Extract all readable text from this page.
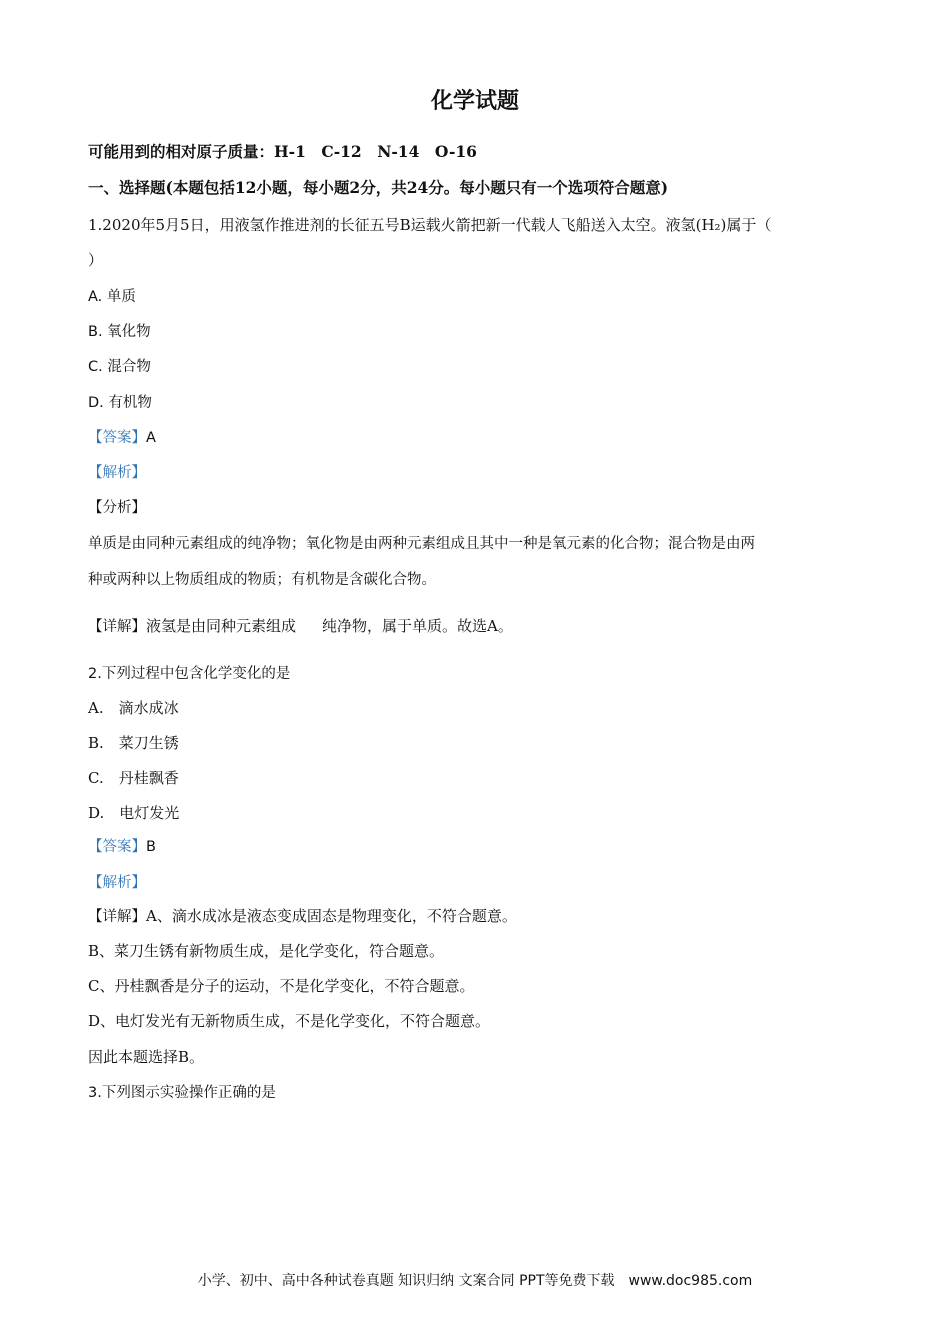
化学试题
可能用到的相对原子质量：H-1　C-12　N-14　O-16
一、选择题(本题包括12小题，每小题2分，共24分。每小题只有一个选项符合题意)
1.2020年5月5日，用液氢作推进剂的长征五号B运载火箭把新一代载人飞船送入太空。液氢(H₂)属于（
）
A. 单质
B. 氧化物
C. 混合物
D. 有机物
【答案】A
【解析】
【分析】
单质是由同种元素组成的纯净物；氧化物是由两种元素组成且其中一种是氧元素的化合物；混合物是由两
种或两种以上物质组成的物质；有机物是含碳化合物。
【详解】液氢是由同种元素组成 纯净物，属于单质。故选A。
2.下列过程中包含化学变化的是
A.　滴水成冰
B.　菜刀生锈
C.　丹桂飘香
D.　电灯发光
【答案】B
【解析】
【详解】A、滴水成冰是液态变成固态是物理变化，不符合题意。
B、菜刀生锈有新物质生成，是化学变化，符合题意。
C、丹桂飘香是分子的运动，不是化学变化，不符合题意。
D、电灯发光有无新物质生成，不是化学变化，不符合题意。
因此本题选择B。
3.下列图示实验操作正确的是
小学、初中、高中各种试卷真题 知识归纳 文案合同 PPT等免费下载　www.doc985.com
